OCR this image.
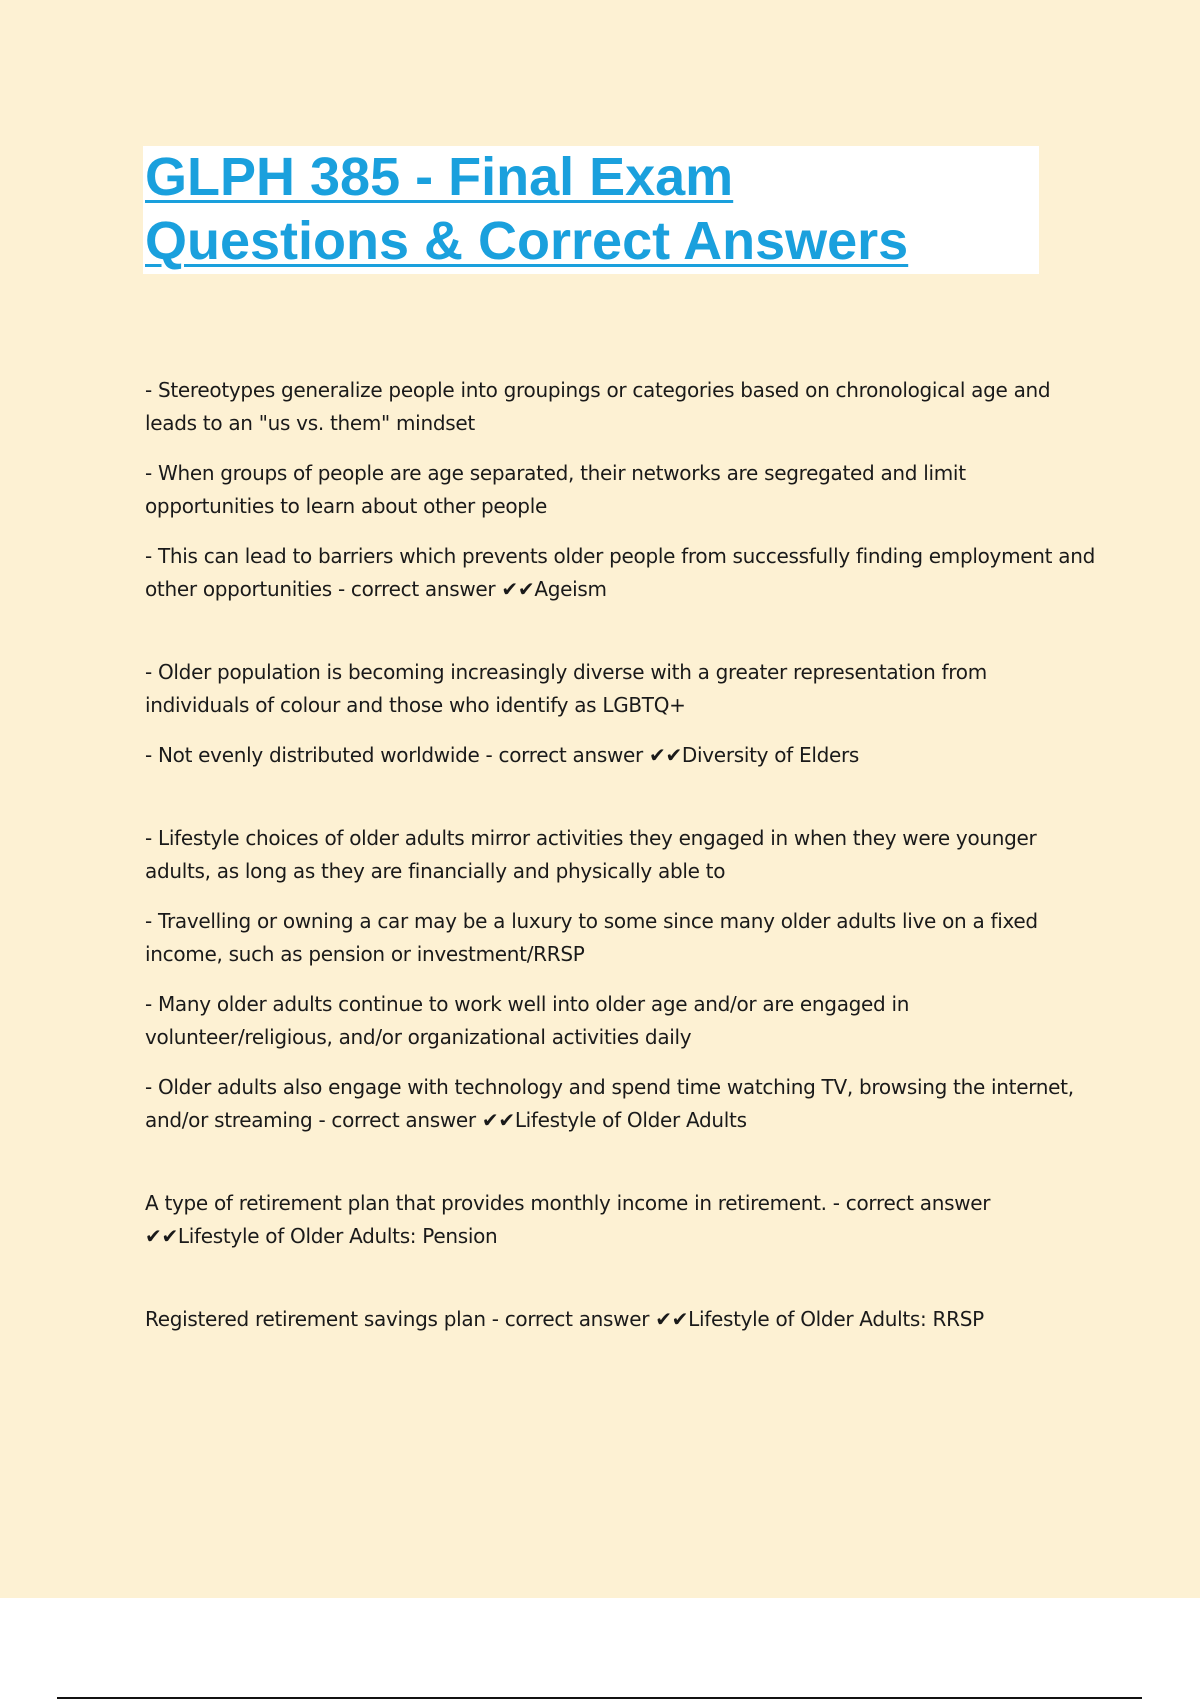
GLPH 385 - Final Exam
Questions & Correct Answers

- Stereotypes generalize people into groupings or categories based on chronological age and leads to an "us vs. them" mindset

- When groups of people are age separated, their networks are segregated and limit opportunities to learn about other people

- This can lead to barriers which prevents older people from successfully finding employment and other opportunities - correct answer ✔✔Ageism

- Older population is becoming increasingly diverse with a greater representation from individuals of colour and those who identify as LGBTQ+

- Not evenly distributed worldwide - correct answer ✔✔Diversity of Elders

- Lifestyle choices of older adults mirror activities they engaged in when they were younger adults, as long as they are financially and physically able to

- Travelling or owning a car may be a luxury to some since many older adults live on a fixed income, such as pension or investment/RRSP

- Many older adults continue to work well into older age and/or are engaged in volunteer/religious, and/or organizational activities daily

- Older adults also engage with technology and spend time watching TV, browsing the internet, and/or streaming - correct answer ✔✔Lifestyle of Older Adults

A type of retirement plan that provides monthly income in retirement. - correct answer ✔✔Lifestyle of Older Adults: Pension

Registered retirement savings plan - correct answer ✔✔Lifestyle of Older Adults: RRSP
